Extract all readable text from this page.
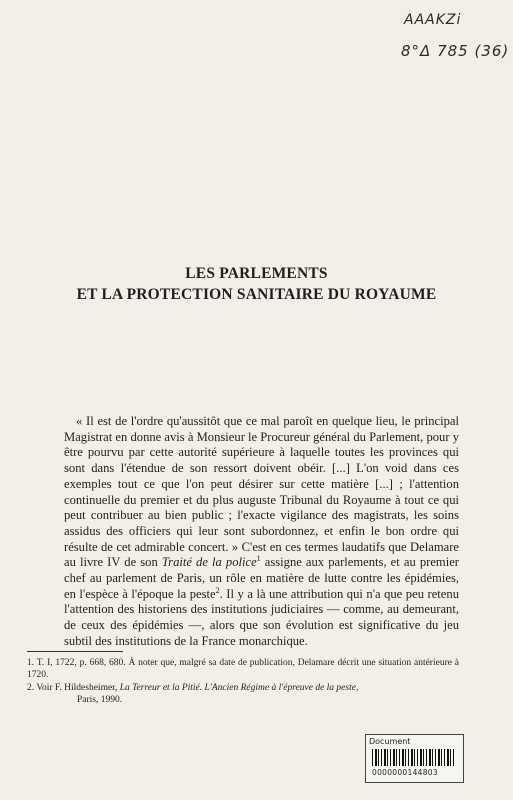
AAAKZi
8°Δ 785 (36)
LES PARLEMENTS
ET LA PROTECTION SANITAIRE DU ROYAUME

« Il est de l'ordre qu'aussitôt que ce mal paroît en quelque lieu, le principal Magistrat en donne avis à Monsieur le Procureur général du Parlement, pour y être pourvu par cette autorité supérieure à laquelle toutes les provinces qui sont dans l'étendue de son ressort doivent obéir. [...] L'on void dans ces exemples tout ce que l'on peut désirer sur cette matière [...] ; l'attention continuelle du premier et du plus auguste Tribunal du Royaume à tout ce qui peut contribuer au bien public ; l'exacte vigilance des magistrats, les soins assidus des officiers qui leur sont subordonnez, et enfin le bon ordre qui résulte de cet admirable concert. » C'est en ces termes laudatifs que Delamare au livre IV de son Traité de la police$^1$ assigne aux parlements, et au premier chef au parlement de Paris, un rôle en matière de lutte contre les épidémies, en l'espèce à l'époque la peste$^2$. Il y a là une attribution qui n'a que peu retenu l'attention des historiens des institutions judiciaires — comme, au demeurant, de ceux des épidémies —, alors que son évolution est significative du jeu subtil des institutions de la France monarchique.

1. T. I, 1722, p. 668, 680. À noter que, malgré sa date de publication, Delamare décrit une situation antérieure à 1720.

2. Voir F. Hildesheimer, La Terreur et la Pitié. L'Ancien Régime à l'épreuve de la peste,
Paris, 1990.

Document
0000000144803
